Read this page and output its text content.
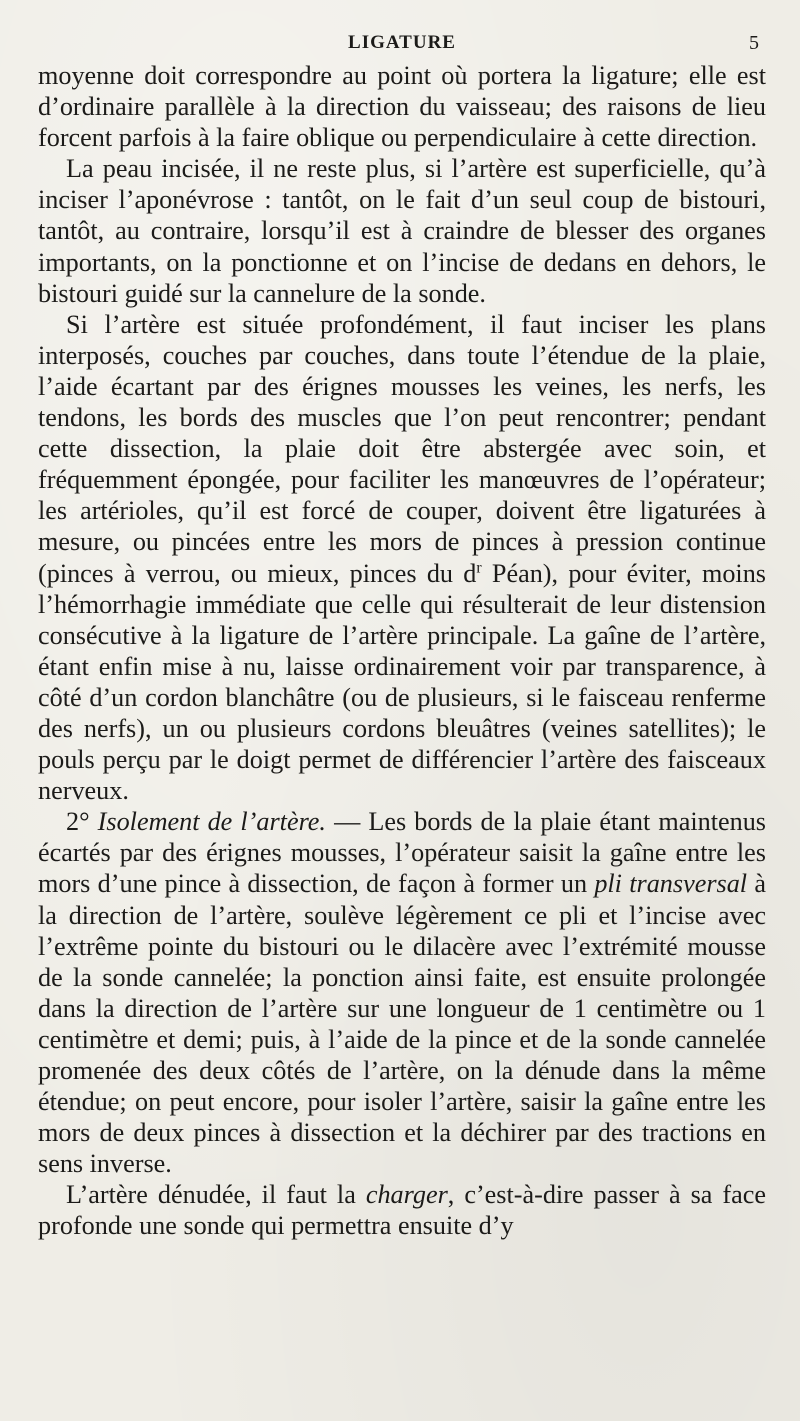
LIGATURE	5

moyenne doit correspondre au point où portera la ligature; elle est d’ordinaire parallèle à la direction du vaisseau; des raisons de lieu forcent parfois à la faire oblique ou perpendiculaire à cette direction.

La peau incisée, il ne reste plus, si l’artère est superficielle, qu’à inciser l’aponévrose : tantôt, on le fait d’un seul coup de bistouri, tantôt, au contraire, lorsqu’il est à craindre de blesser des organes importants, on la ponctionne et on l’incise de dedans en dehors, le bistouri guidé sur la cannelure de la sonde.

Si l’artère est située profondément, il faut inciser les plans interposés, couches par couches, dans toute l’étendue de la plaie, l’aide écartant par des érignes mousses les veines, les nerfs, les tendons, les bords des muscles que l’on peut rencontrer; pendant cette dissection, la plaie doit être abstergée avec soin, et fréquemment épongée, pour faciliter les manœuvres de l’opérateur; les artérioles, qu’il est forcé de couper, doivent être ligaturées à mesure, ou pincées entre les mors de pinces à pression continue (pinces à verrou, ou mieux, pinces du $d^r$ Péan), pour éviter, moins l’hémorrhagie immédiate que celle qui résulterait de leur distension consécutive à la ligature de l’artère principale. La gaîne de l’artère, étant enfin mise à nu, laisse ordinairement voir par transparence, à côté d’un cordon blanchâtre (ou de plusieurs, si le faisceau renferme des nerfs), un ou plusieurs cordons bleuâtres (veines satellites); le pouls perçu par le doigt permet de différencier l’artère des faisceaux nerveux.

2° Isolement de l’artère. — Les bords de la plaie étant maintenus écartés par des érignes mousses, l’opérateur saisit la gaîne entre les mors d’une pince à dissection, de façon à former un pli transversal à la direction de l’artère, soulève légèrement ce pli et l’incise avec l’extrême pointe du bistouri ou le dilacère avec l’extrémité mousse de la sonde cannelée; la ponction ainsi faite, est ensuite prolongée dans la direction de l’artère sur une longueur de 1 centimètre ou 1 centimètre et demi; puis, à l’aide de la pince et de la sonde cannelée promenée des deux côtés de l’artère, on la dénude dans la même étendue; on peut encore, pour isoler l’artère, saisir la gaîne entre les mors de deux pinces à dissection et la déchirer par des tractions en sens inverse.

L’artère dénudée, il faut la charger, c’est-à-dire passer à sa face profonde une sonde qui permettra ensuite d’y
